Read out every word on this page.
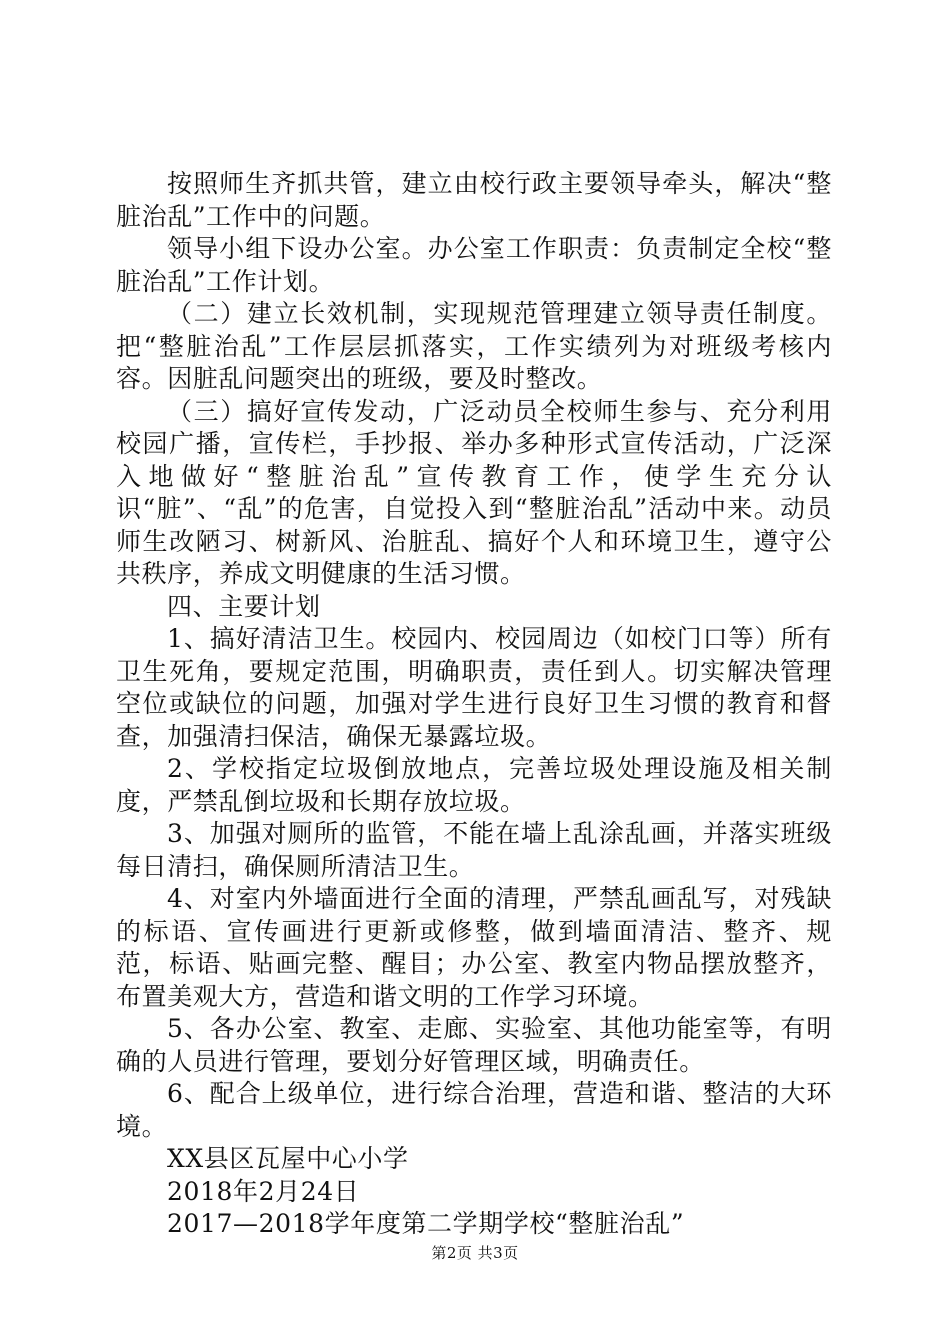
按照师生齐抓共管，建立由校行政主要领导牵头，解决“整脏治乱”工作中的问题。

领导小组下设办公室。办公室工作职责：负责制定全校“整脏治乱”工作计划。

（二）建立长效机制，实现规范管理建立领导责任制度。把“整脏治乱”工作层层抓落实，工作实绩列为对班级考核内容。因脏乱问题突出的班级，要及时整改。

（三）搞好宣传发动，广泛动员全校师生参与、充分利用校园广播，宣传栏，手抄报、举办多种形式宣传活动，广泛深入地做好“整脏治乱”宣传教育工作，使学生充分认识“脏”、“乱”的危害，自觉投入到“整脏治乱”活动中来。动员师生改陋习、树新风、治脏乱、搞好个人和环境卫生，遵守公共秩序，养成文明健康的生活习惯。

四、主要计划

1、搞好清洁卫生。校园内、校园周边（如校门口等）所有卫生死角，要规定范围，明确职责，责任到人。切实解决管理空位或缺位的问题，加强对学生进行良好卫生习惯的教育和督查，加强清扫保洁，确保无暴露垃圾。

2、学校指定垃圾倒放地点，完善垃圾处理设施及相关制度，严禁乱倒垃圾和长期存放垃圾。

3、加强对厕所的监管，不能在墙上乱涂乱画，并落实班级每日清扫，确保厕所清洁卫生。

4、对室内外墙面进行全面的清理，严禁乱画乱写，对残缺的标语、宣传画进行更新或修整，做到墙面清洁、整齐、规范，标语、贴画完整、醒目；办公室、教室内物品摆放整齐，布置美观大方，营造和谐文明的工作学习环境。

5、各办公室、教室、走廊、实验室、其他功能室等，有明确的人员进行管理，要划分好管理区域，明确责任。

6、配合上级单位，进行综合治理，营造和谐、整洁的大环境。

XX县区瓦屋中心小学

2018年2月24日

2017—2018学年度第二学期学校“整脏治乱”

第2页 共3页
